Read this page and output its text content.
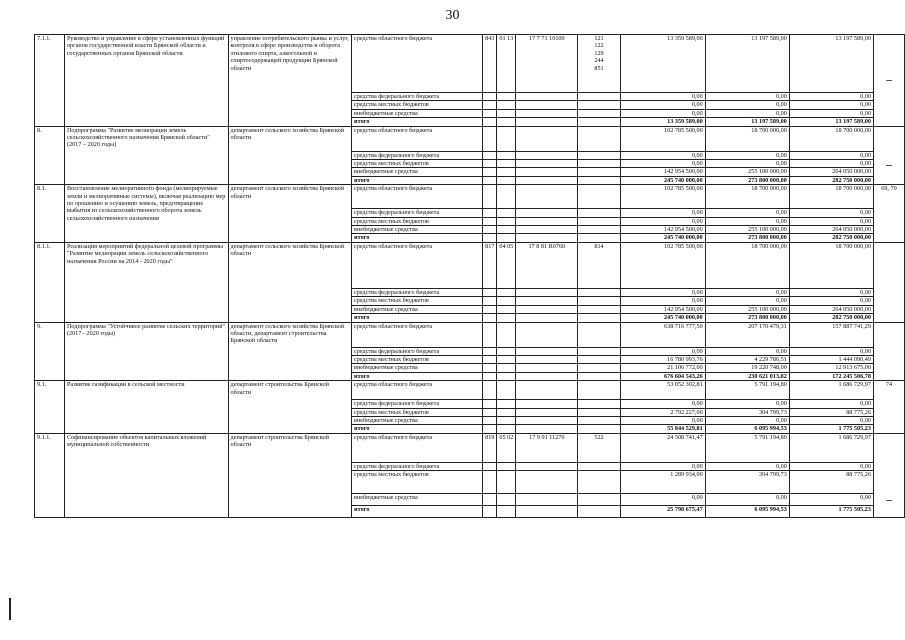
30
7.1.1.	Руководство и управление в сфере установленных функций органов государственной власти Брянской области и государственных органов Брянской области	управление потребительского рынка и услуг, контроля в сфере производства и оборота этилового спирта, алкогольной и спиртосодержащей продукции Брянской области	средства областного бюджета	843	01 13	17 7 71 10100	121
122
129
244
851	13 359 589,00	13 197 589,00	13 197 589,00	
			средства федерального бюджета					0,00	0,00	0,00	
			средства местных бюджетов					0,00	0,00	0,00	
			внебюджетные средства					0,00	0,00	0,00	
			итого					13 359 589,00	13 197 589,00	13 197 589,00	
8.	Подпрограмма "Развитие мелиорации земель сельскохозяйственного назначения Брянской области" (2017 – 2020 годы)	департамент сельского хозяйства Брянской области	средства областного бюджета					102 785 500,00	18 700 000,00	18 700 000,00	
			средства федерального бюджета					0,00	0,00	0,00	
			средства местных бюджетов					0,00	0,00	0,00	
			внебюджетные средства					142 954 500,00	255 100 000,00	264 050 000,00	
			итого					245 740 000,00	273 800 000,00	282 750 000,00	
8.1.	Восстановление мелиоративного фонда (мелиорируемые земли и мелиоративные системы), включая реализацию мер по орошению и осушению земель, предотвращение выбытия из сельскохозяйственного оборота земель сельскохозяйственного назначения	департамент сельского хозяйства Брянской области	средства областного бюджета					102 785 500,00	18 700 000,00	18 700 000,00	69, 70
			средства федерального бюджета					0,00	0,00	0,00	
			средства местных бюджетов					0,00	0,00	0,00	
			внебюджетные средства					142 954 500,00	255 100 000,00	264 050 000,00	
			итого					245 740 000,00	273 800 000,00	282 750 000,00	
8.1.1.	Реализация мероприятий федеральной целевой программы "Развитие мелиорации земель сельскохозяйственного назначения России на 2014 - 2020 годы"	департамент сельского хозяйства Брянской области	средства областного бюджета	817	04 05	17 8 81 R0760	814	102 785 500,00	18 700 000,00	18 700 000,00	
			средства федерального бюджета					0,00	0,00	0,00	
			средства местных бюджетов					0,00	0,00	0,00	
			внебюджетные средства					142 954 500,00	255 100 000,00	264 050 000,00	
			итого					245 740 000,00	273 800 000,00	282 750 000,00	
9.	Подпрограмма "Устойчивое развитие сельских территорий" (2017 - 2020 годы)	департамент сельского хозяйства Брянской области, департамент строительства Брянской области	средства областного бюджета					638 716 777,50	207 170 479,31	157 887 741,29	
			средства федерального бюджета					0,00	0,00	0,00	
			средства местных бюджетов					16 780 993,76	4 229 786,51	1 444 090,49	
			внебюджетные средства					21 106 772,00	19 220 748,00	12 913 675,00	
			итого					676 604 543,26	230 621 013,82	172 245 506,78	
9.1.	Развитие газификации в сельской местности	департамент строительства Брянской области	средства областного бюджета					53 052 302,81	5 791 194,80	1 686 729,97	74
			средства федерального бюджета					0,00	0,00	0,00	
			средства местных бюджетов					2 792 227,00	304 799,73	88 775,26	
			внебюджетные средства					0,00	0,00	0,00	
			итого					55 844 529,81	6 095 994,53	1 775 505,23	
9.1.1.	Софинансирование объектов капитальных вложений муниципальной собственности	департамент строительства Брянской области	средства областного бюджета	819	05 02	17 9 91 11270	522	24 508 741,47	5 791 194,80	1 686 729,97	
			средства федерального бюджета					0,00	0,00	0,00	
			средства местных бюджетов					1 289 934,00	304 799,73	88 775,26	
			внебюджетные средства					0,00	0,00	0,00	
			итого					25 798 675,47	6 095 994,53	1 775 505,23	
